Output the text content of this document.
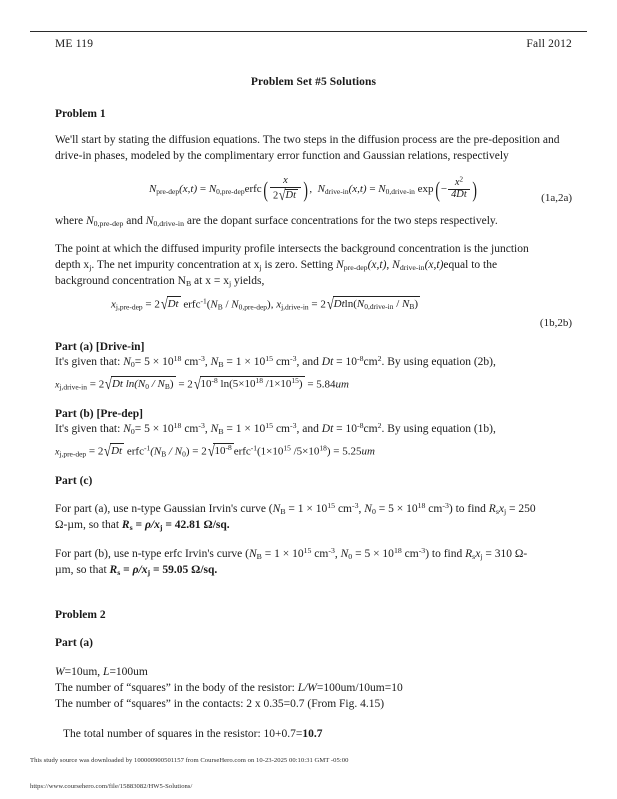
ME 119	Fall 2012
Problem Set #5 Solutions
Problem 1
We'll start by stating the diffusion equations. The two steps in the diffusion process are the pre-deposition and drive-in phases, modeled by the complimentary error function and Gaussian relations, respectively
$N_{pre-dep}(x,t)$ = $N_{0,pre-dep}erfc( \frac{x}{2√Dt}$ ), $N_{drive-in}(x,t) = N_{0,drive-in}$ $\exp(- \frac{x^2}{4Dt}$ )	(1a,2a)
where $N_{0,pre-dep}$ and $N_{0,drive-in}$ are the dopant surface concentrations for the two steps respectively.
The point at which the diffused impurity profile intersects the background concentration is the junction
depth $x_j$. The net impurity concentration at $x_j$ is zero. Setting $N_{pre-dep}(x,t)$, $N_{drive-in}(x,t)equal$ to the
background concentration $N_B$ at $x = x_j$ yields,
$x_{j,pre-dep} = 2√Dt$ $erfc^{-1}(N_B / N_{0,pre-dep})$, $x_{j,drive-in} = 2√Dtln(N_{0,drive-in} / N_B)$
(1b,2b)
Part (a) [Drive-in]
It's given that: $N_0= 5 \times 10^{18}$ $cm^{-3}$, $N_B = 1 \times 10^{15}$ $cm^{-3}$, and $Dt = 10^{-8}cm^2$. By using equation (2b),
$x_{j,drive-in} = 2√Dt$ $\ln(N_0 / N_B) = 2√10^{-8}$ $\ln(5\times 10^{18}$ $/1\times 10^{15}) = 5.84um$
Part (b) [Pre-dep]
It's given that: $N_0= 5 \times 10^{18}$ $cm^{-3}$, $N_B = 1 \times 10^{15}$ $cm^{-3}$, and $Dt = 10^{-8}cm^2$. By using equation (1b),
$x_{j,pre-dep} = 2√Dt$ $erfc^{-1}(N_B / N_0) = 2√10^{-8}$ $erfc^{-1}(1\times 10^{15}$ $/5\times 10^{18}) = 5.25um$
Part (c)
For part (a), use n-type Gaussian Irvin's curve ($N_B = 1 \times 10^{15}$ $cm^{-3}$, $N_0 = 5 \times 10^{18}$ $cm^{-3}$) to find $R_sx_j = 250$
Ω-µm, so that $R_s = \rho/x_j = 42.81$ Ω/sq.
For part (b), use n-type erfc Irvin's curve ($N_B = 1 \times 10^{15}$ $cm^{-3}$, $N_0 = 5 \times 10^{18}$ $cm^{-3}$) to find $R_sx_j = 310$ Ω-
µm, so that $R_s = \rho/x_j = 59.05$ Ω/sq.
Problem 2
Part (a)
W=10um, L=100um
The number of “squares” in the body of the resistor: L/W=100um/10um=10
The number of “squares” in the contacts: 2 x 0.35=0.7 (From Fig. 4.15)
The total number of squares in the resistor: 10+0.7=10.7
This study source was downloaded by 100000900501157 from CourseHero.com on 10-23-2025 00:10:31 GMT -05:00
https://www.coursehero.com/file/15883082/HW5-Solutions/
